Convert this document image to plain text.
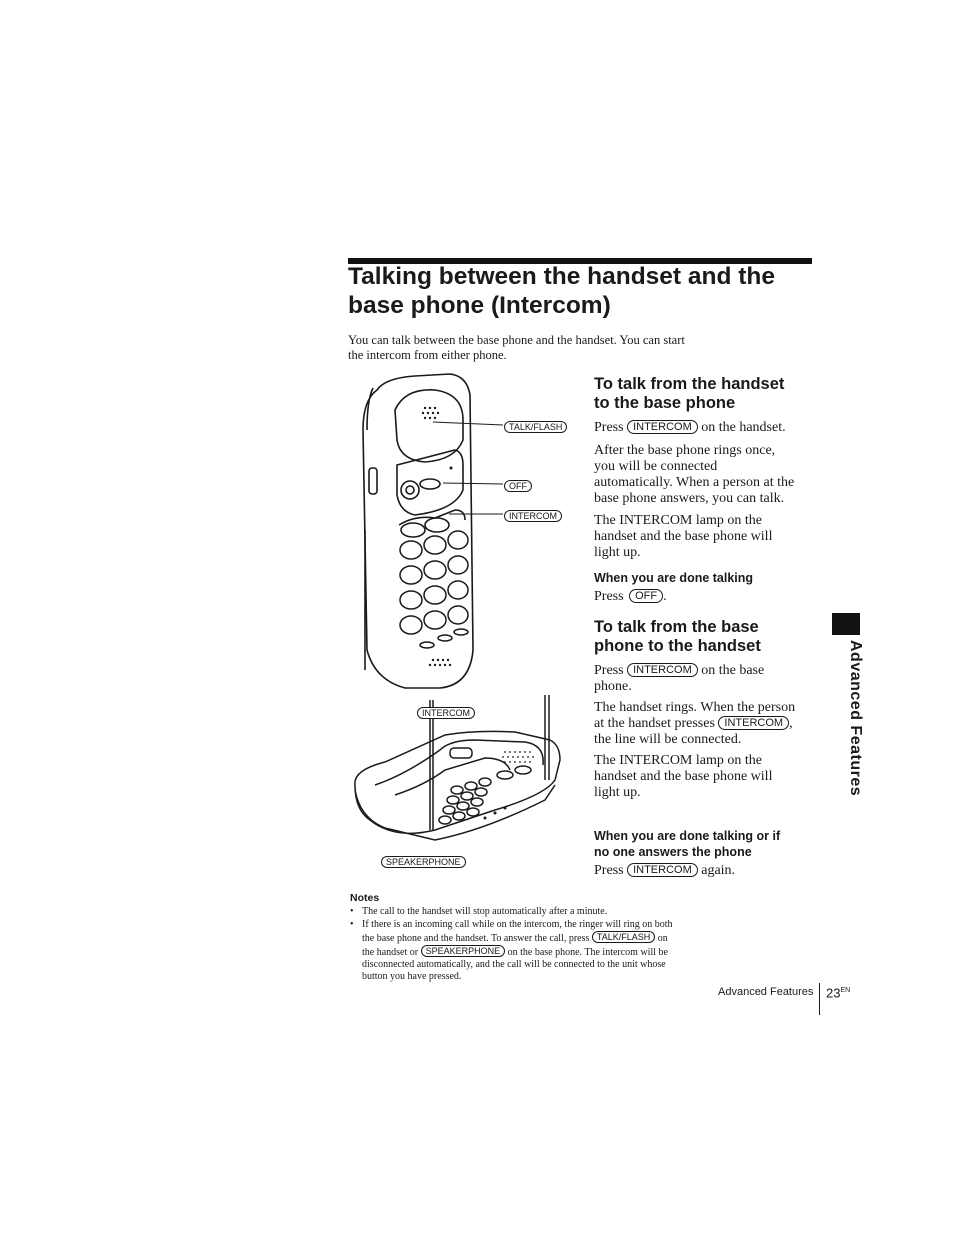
Talking between the handset and the
base phone (Intercom)
You can talk between the base phone and the handset. You can start
the intercom from either phone.
TALK/FLASH
OFF
INTERCOM
INTERCOM
SPEAKERPHONE
To talk from the handset
to the base phone
Press INTERCOM on the handset.
After the base phone rings once,
you will be connected
automatically. When a person at the
base phone answers, you can talk.
The INTERCOM lamp on the
handset and the base phone will
light up.
When you are done talking
Press OFF .
To talk from the base
phone to the handset
Press INTERCOM on the base
phone.
The handset rings. When the person
at the handset presses INTERCOM ,
the line will be connected.
The INTERCOM lamp on the
handset and the base phone will
light up.
When you are done talking or if
no one answers the phone
Press INTERCOM again.
Notes
• The call to the handset will stop automatically after a minute.
• If there is an incoming call while on the intercom, the ringer will ring on both
the base phone and the handset. To answer the call, press TALK/FLASH on
the handset or SPEAKERPHONE on the base phone. The intercom will be
disconnected automatically, and the call will be connected to the unit whose
button you have pressed.
Advanced Features
Advanced Features $23^{EN}$
